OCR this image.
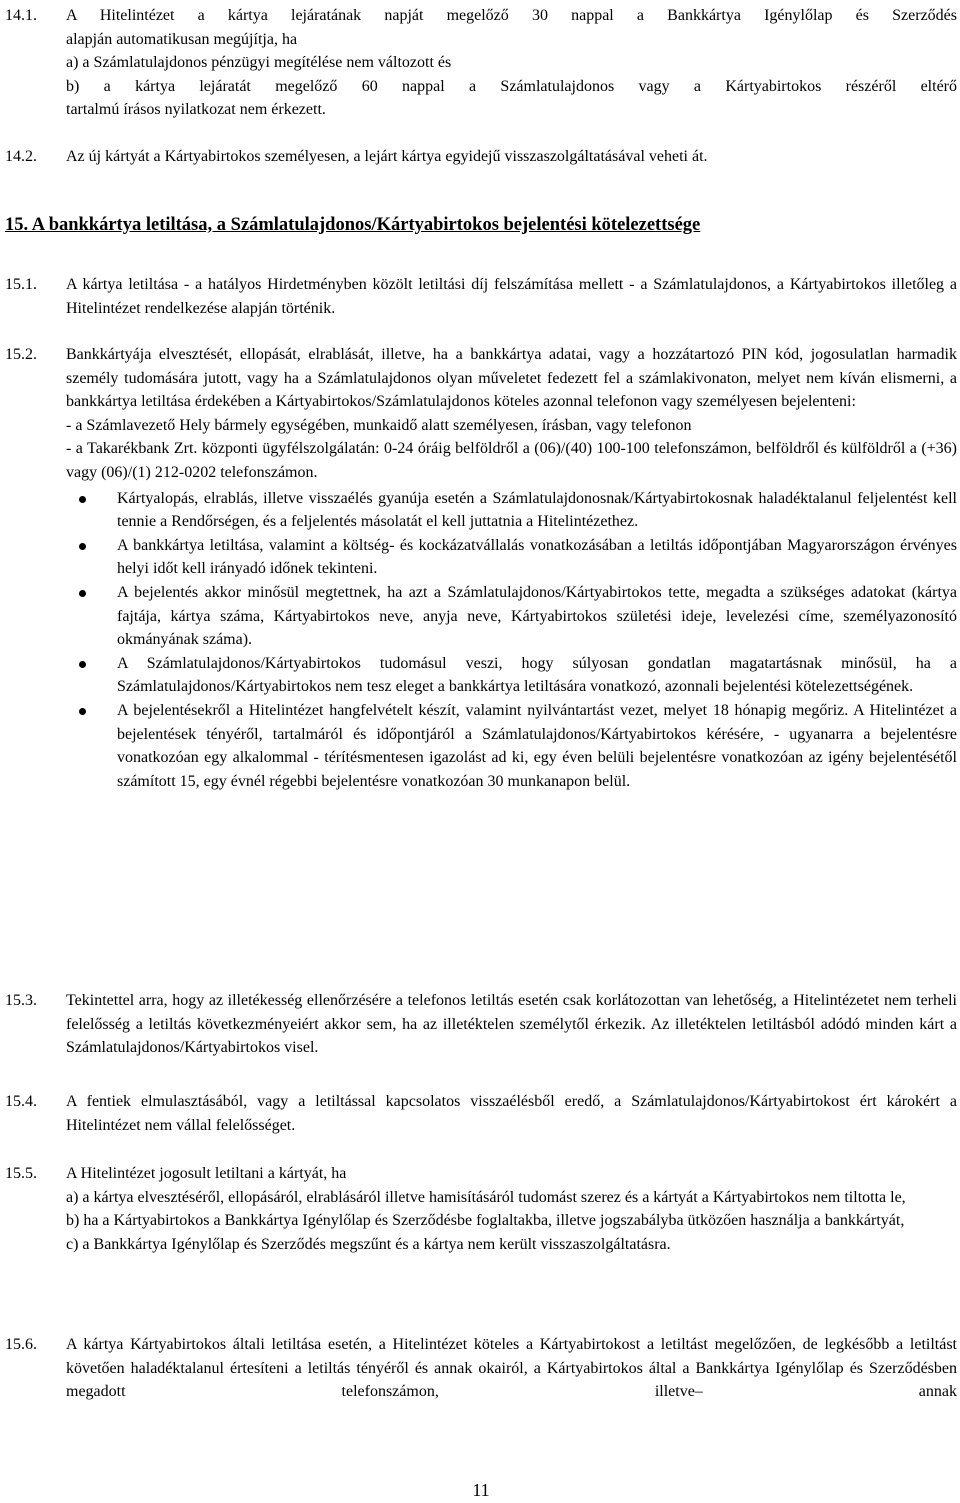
14.1.	A Hitelintézet a kártya lejáratának napját megelőző 30 nappal a Bankkártya Igénylőlap és Szerződés

alapján automatikusan megújítja, ha

a) a Számlatulajdonos pénzügyi megítélése nem változott és

b) a kártya lejáratát megelőző 60 nappal a Számlatulajdonos vagy a Kártyabirtokos részéről eltérő

tartalmú írásos nyilatkozat nem érkezett.

14.2.	Az új kártyát a Kártyabirtokos személyesen, a lejárt kártya egyidejű visszaszolgáltatásával veheti át.
15. A bankkártya letiltása, a Számlatulajdonos/Kártyabirtokos bejelentési kötelezettsége
15.1.	A kártya letiltása - a hatályos Hirdetményben közölt letiltási díj felszámítása mellett - a Számlatulajdonos, a Kártyabirtokos illetőleg a Hitelintézet rendelkezése alapján történik.
15.2.	Bankkártyája elvesztését, ellopását, elrablását, illetve, ha a bankkártya adatai, vagy a hozzátartozó PIN kód, jogosulatlan harmadik személy tudomására jutott, vagy ha a Számlatulajdonos olyan műveletet fedezett fel a számlakivonaton, melyet nem kíván elismerni, a bankkártya letiltása érdekében a Kártyabirtokos/Számlatulajdonos köteles azonnal telefonon vagy személyesen bejelenteni:

- a Számlavezető Hely bármely egységében, munkaidő alatt személyesen, írásban, vagy telefonon

- a Takarékbank Zrt. központi ügyfélszolgálatán: 0-24 óráig belföldről a (06)/(40) 100-100 telefonszámon, belföldről és külföldről a (+36) vagy (06)/(1) 212-0202 telefonszámon.

Kártyalopás, elrablás, illetve visszaélés gyanúja esetén a Számlatulajdonosnak/Kártyabirtokosnak haladéktalanul feljelentést kell tennie a Rendőrségen, és a feljelentés másolatát el kell juttatnia a Hitelintézethez.
A bankkártya letiltása, valamint a költség- és kockázatvállalás vonatkozásában a letiltás időpontjában Magyarországon érvényes helyi időt kell irányadó időnek tekinteni.
A bejelentés akkor minősül megtettnek, ha azt a Számlatulajdonos/Kártyabirtokos tette, megadta a szükséges adatokat (kártya fajtája, kártya száma, Kártyabirtokos neve, anyja neve, Kártyabirtokos születési ideje, levelezési címe, személyazonosító okmányának száma).
A Számlatulajdonos/Kártyabirtokos tudomásul veszi, hogy súlyosan gondatlan magatartásnak minősül, ha a Számlatulajdonos/Kártyabirtokos nem tesz eleget a bankkártya letiltására vonatkozó, azonnali bejelentési kötelezettségének.
A bejelentésekről a Hitelintézet hangfelvételt készít, valamint nyilvántartást vezet, melyet 18 hónapig megőriz. A Hitelintézet a bejelentések tényéről, tartalmáról és időpontjáról a Számlatulajdonos/Kártyabirtokos kérésére, - ugyanarra a bejelentésre vonatkozóan egy alkalommal - térítésmentesen igazolást ad ki, egy éven belüli bejelentésre vonatkozóan az igény bejelentésétől számított 15, egy évnél régebbi bejelentésre vonatkozóan 30 munkanapon belül.
15.3.	Tekintettel arra, hogy az illetékesség ellenőrzésére a telefonos letiltás esetén csak korlátozottan van lehetőség, a Hitelintézetet nem terheli felelősség a letiltás következményeiért akkor sem, ha az illetéktelen személytől érkezik. Az illetéktelen letiltásból adódó minden kárt a Számlatulajdonos/Kártyabirtokos visel.
15.4.	A fentiek elmulasztásából, vagy a letiltással kapcsolatos visszaélésből eredő, a Számlatulajdonos/Kártyabirtokost ért károkért a Hitelintézet nem vállal felelősséget.
15.5.	A Hitelintézet jogosult letiltani a kártyát, ha

a) a kártya elvesztéséről, ellopásáról, elrablásáról illetve hamisításáról tudomást szerez és a kártyát a Kártyabirtokos nem tiltotta le,

b) ha a Kártyabirtokos a Bankkártya Igénylőlap és Szerződésbe foglaltakba, illetve jogszabályba ütközően használja a bankkártyát,

c) a Bankkártya Igénylőlap és Szerződés megszűnt és a kártya nem került visszaszolgáltatásra.

15.6.	A kártya Kártyabirtokos általi letiltása esetén, a Hitelintézet köteles a Kártyabirtokost a letiltást megelőzően, de legkésőbb a letiltást követően haladéktalanul értesíteni a letiltás tényéről és annak okairól, a Kártyabirtokos által a Bankkártya Igénylőlap és Szerződésben megadott telefonszámon, illetve– annak

11
